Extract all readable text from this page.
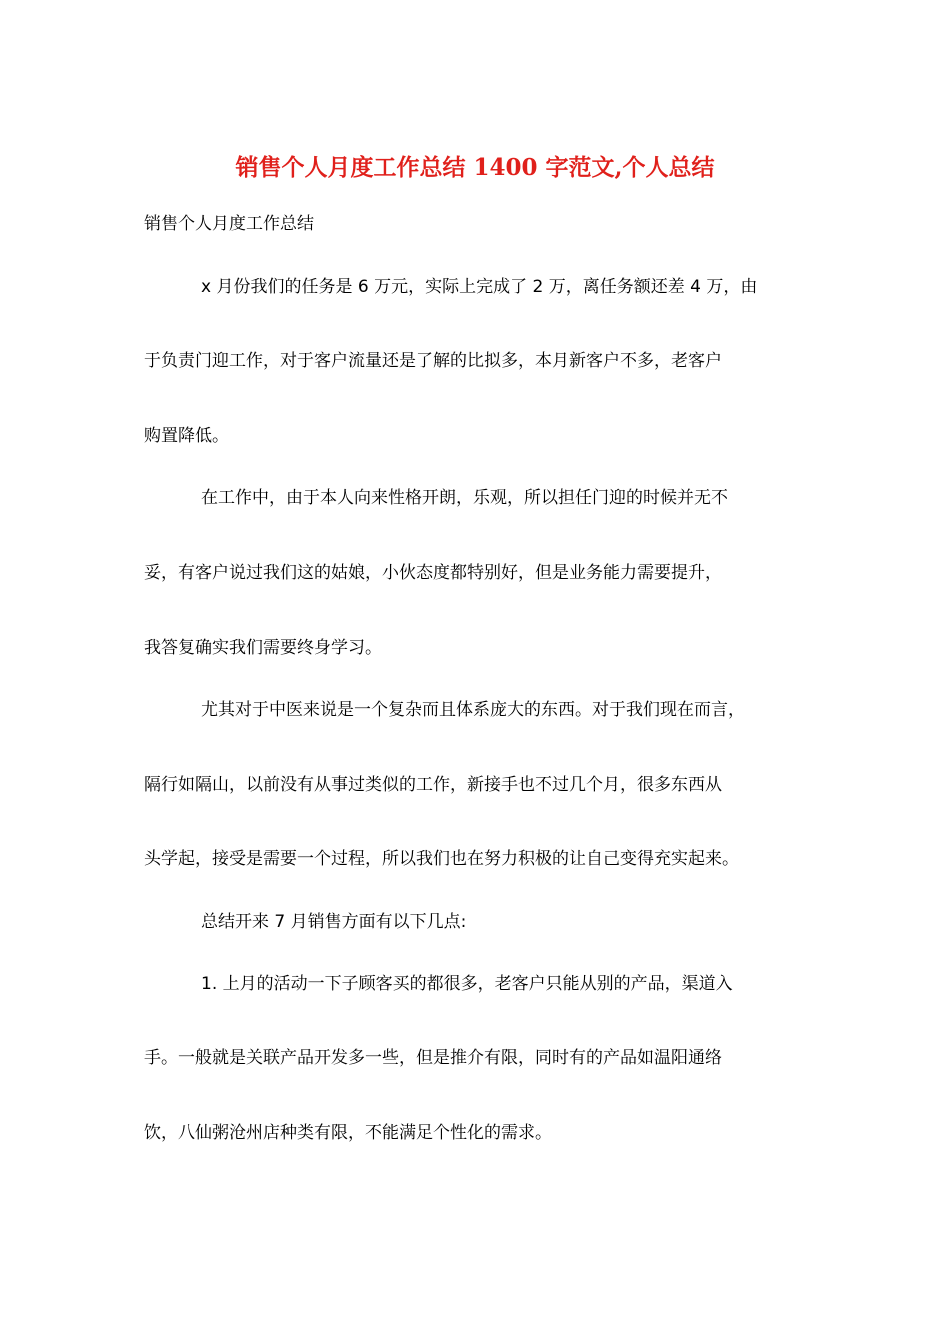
销售个人月度工作总结 1400 字范文,个人总结
销售个人月度工作总结
x 月份我们的任务是 6 万元，实际上完成了 2 万，离任务额还差 4 万，由
于负责门迎工作，对于客户流量还是了解的比拟多，本月新客户不多，老客户
购置降低。
在工作中，由于本人向来性格开朗，乐观，所以担任门迎的时候并无不
妥，有客户说过我们这的姑娘，小伙态度都特别好，但是业务能力需要提升，
我答复确实我们需要终身学习。
尤其对于中医来说是一个复杂而且体系庞大的东西。对于我们现在而言，
隔行如隔山，以前没有从事过类似的工作，新接手也不过几个月，很多东西从
头学起，接受是需要一个过程，所以我们也在努力积极的让自己变得充实起来。
总结开来 7 月销售方面有以下几点:
1. 上月的活动一下子顾客买的都很多，老客户只能从别的产品，渠道入
手。一般就是关联产品开发多一些，但是推介有限，同时有的产品如温阳通络
饮，八仙粥沧州店种类有限，不能满足个性化的需求。
